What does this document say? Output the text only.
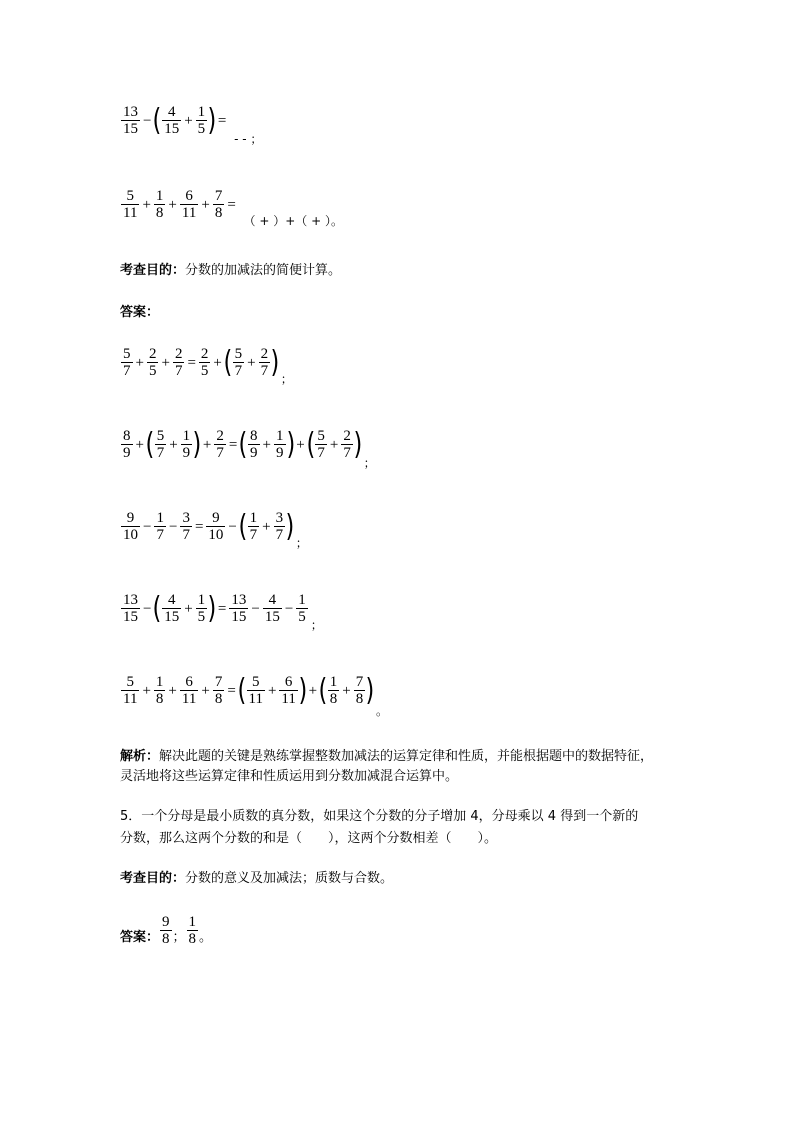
$\frac{13}{15}$ −( $\frac{4}{15} + \frac{1}{5}$ )= - - ；
$\frac{5}{11} + \frac{1}{8} + \frac{6}{11} + \frac{7}{8}$ = （ + ）+（ + ）。
考查目的：分数的加减法的简便计算。
答案：
$\frac{5}{7} + \frac{2}{5} + \frac{2}{7} = \frac{2}{5}$ +( $\frac{5}{7} + \frac{2}{7}$ )；
$\frac{8}{9}$ +( $\frac{5}{7} + \frac{1}{9}$ )+ $\frac{2}{7}$ =( $\frac{8}{9} + \frac{1}{9}$ )+( $\frac{5}{7} + \frac{2}{7}$ )；
$\frac{9}{10} - \frac{1}{7} - \frac{3}{7} = \frac{9}{10}$ −( $\frac{1}{7} + \frac{3}{7}$ )；
$\frac{13}{15}$ −( $\frac{4}{15} + \frac{1}{5}$ )= $\frac{13}{15} - \frac{4}{15} - \frac{1}{5}$ ；
$\frac{5}{11} + \frac{1}{8} + \frac{6}{11} + \frac{7}{8}$ =( $\frac{5}{11} + \frac{6}{11}$ )+( $\frac{1}{8} + \frac{7}{8}$ )。
解析：解决此题的关键是熟练掌握整数加减法的运算定律和性质，并能根据题中的数据特征，
灵活地将这些运算定律和性质运用到分数加减混合运算中。
5．一个分母是最小质数的真分数，如果这个分数的分子增加 4，分母乘以 4 得到一个新的
分数，那么这两个分数的和是（　　），这两个分数相差（　　）。
考查目的：分数的意义及加减法；质数与合数。
答案： $\frac{9}{8}$ ； $\frac{1}{8}$ 。
